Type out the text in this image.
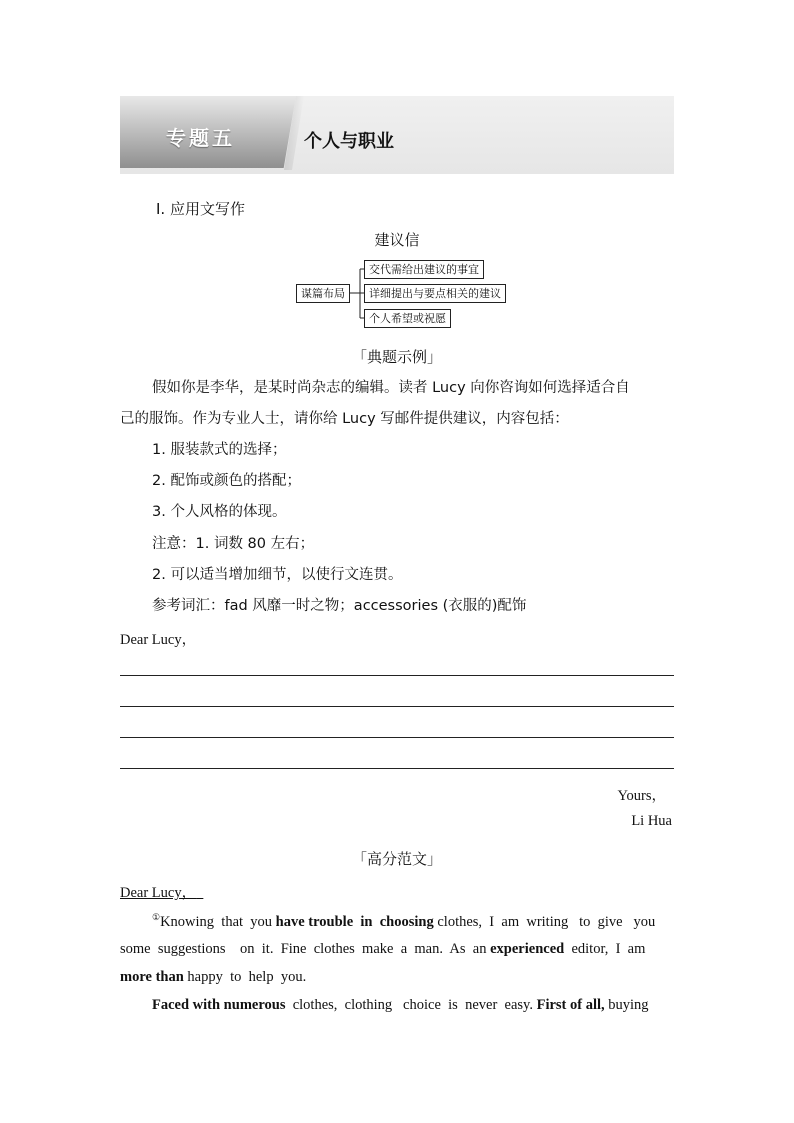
专题五	个人与职业
Ⅰ. 应用文写作
建议信
谋篇布局
交代需给出建议的事宜
详细提出与要点相关的建议
个人希望或祝愿
「典题示例」
假如你是李华，是某时尚杂志的编辑。读者 Lucy 向你咨询如何选择适合自
己的服饰。作为专业人士，请你给 Lucy 写邮件提供建议，内容包括：
1. 服装款式的选择；
2. 配饰或颜色的搭配；
3. 个人风格的体现。
注意：1. 词数 80 左右；
2. 可以适当增加细节，以使行文连贯。
参考词汇：fad 风靡一时之物；accessories (衣服的)配饰
Dear Lucy，
Yours，
Li Hua
「高分范文」
Dear Lucy，
①Knowing  that  you have trouble  in  choosing clothes,  I  am  writing   to  give   you
some  suggestions    on  it.  Fine  clothes  make  a  man.  As  an experienced  editor,  I  am
more than happy  to  help  you.
Faced with numerous  clothes,  clothing   choice  is  never  easy. First of all, buying
